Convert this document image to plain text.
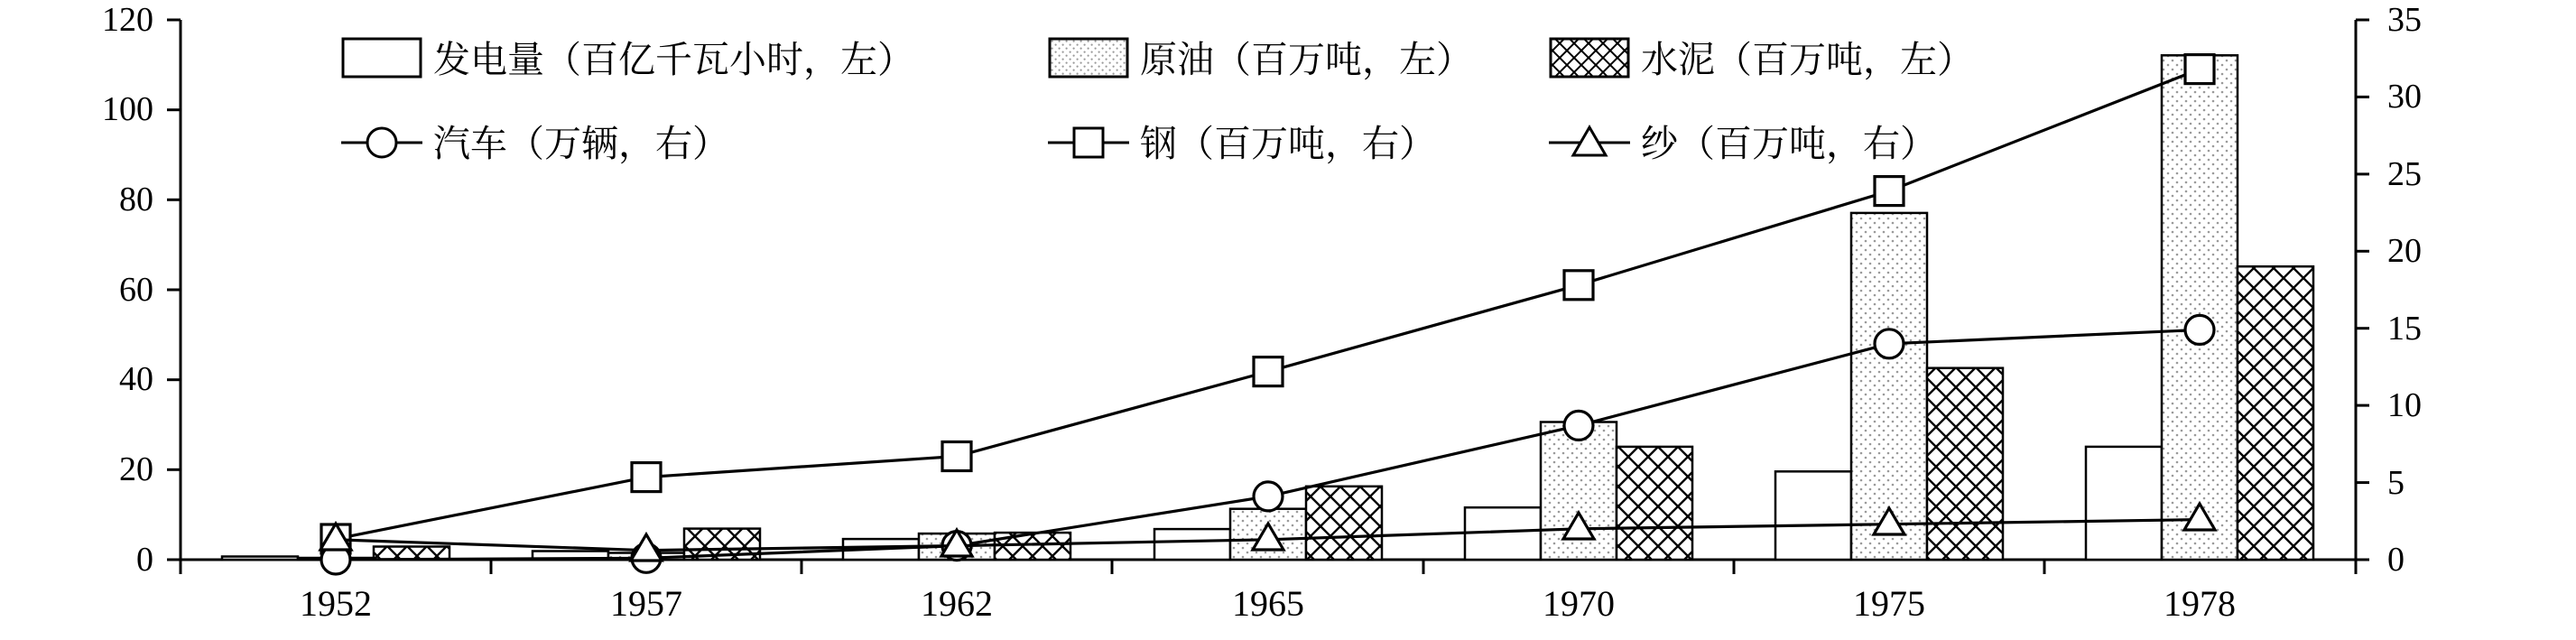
发电量（百亿千瓦小时，左）	原油（百万吨，左）	水泥（百万吨，左）
汽车（万辆，右）	钢（百万吨，右）	纱（百万吨，右）
120
100
80
60
40
20
0
35
30
25
20
15
10
5
0
1952	1957	1962	1965	1970	1975	1978
